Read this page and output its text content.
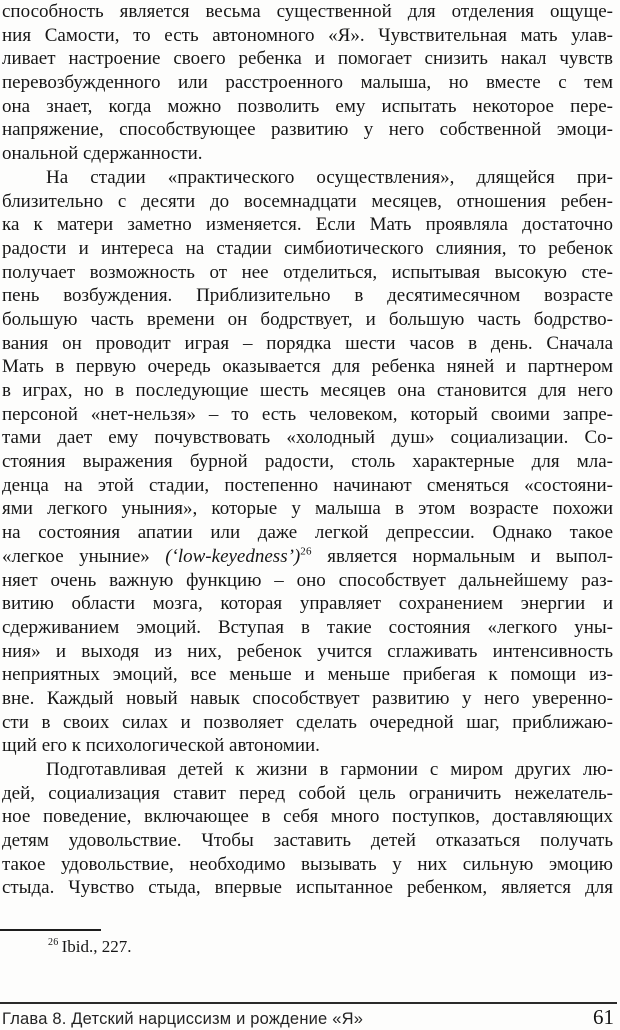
способность является весьма существенной для отделения ощуще-
ния Самости, то есть автономного «Я». Чувствительная мать улав-
ливает настроение своего ребенка и помогает снизить накал чувств
перевозбужденного или расстроенного малыша, но вместе с тем
она знает, когда можно позволить ему испытать некоторое пере-
напряжение, способствующее развитию у него собственной эмоци-
ональной сдержанности.
На стадии «практического осуществления», длящейся при-
близительно с десяти до восемнадцати месяцев, отношения ребен-
ка к матери заметно изменяется. Если Мать проявляла достаточно
радости и интереса на стадии симбиотического слияния, то ребенок
получает возможность от нее отделиться, испытывая высокую сте-
пень возбуждения. Приблизительно в десятимесячном возрасте
большую часть времени он бодрствует, и большую часть бодрство-
вания он проводит играя – порядка шести часов в день. Сначала
Мать в первую очередь оказывается для ребенка няней и партнером
в играх, но в последующие шесть месяцев она становится для него
персоной «нет-нельзя» – то есть человеком, который своими запре-
тами дает ему почувствовать «холодный душ» социализации. Со-
стояния выражения бурной радости, столь характерные для мла-
денца на этой стадии, постепенно начинают сменяться «состояни-
ями легкого уныния», которые у малыша в этом возрасте похожи
на состояния апатии или даже легкой депрессии. Однако такое
«легкое уныние» (‘low-keyedness’)$^{26}$ является нормальным и выпол-
няет очень важную функцию – оно способствует дальнейшему раз-
витию области мозга, которая управляет сохранением энергии и
сдерживанием эмоций. Вступая в такие состояния «легкого уны-
ния» и выходя из них, ребенок учится сглаживать интенсивность
неприятных эмоций, все меньше и меньше прибегая к помощи из-
вне. Каждый новый навык способствует развитию у него уверенно-
сти в своих силах и позволяет сделать очередной шаг, приближаю-
щий его к психологической автономии.
Подготавливая детей к жизни в гармонии с миром других лю-
дей, социализация ставит перед собой цель ограничить нежелатель-
ное поведение, включающее в себя много поступков, доставляющих
детям удовольствие. Чтобы заставить детей отказаться получать
такое удовольствие, необходимо вызывать у них сильную эмоцию
стыда. Чувство стыда, впервые испытанное ребенком, является для
$^{26}$ Ibid., 227.
Глава 8. Детский нарциссизм и рождение «Я»	61
